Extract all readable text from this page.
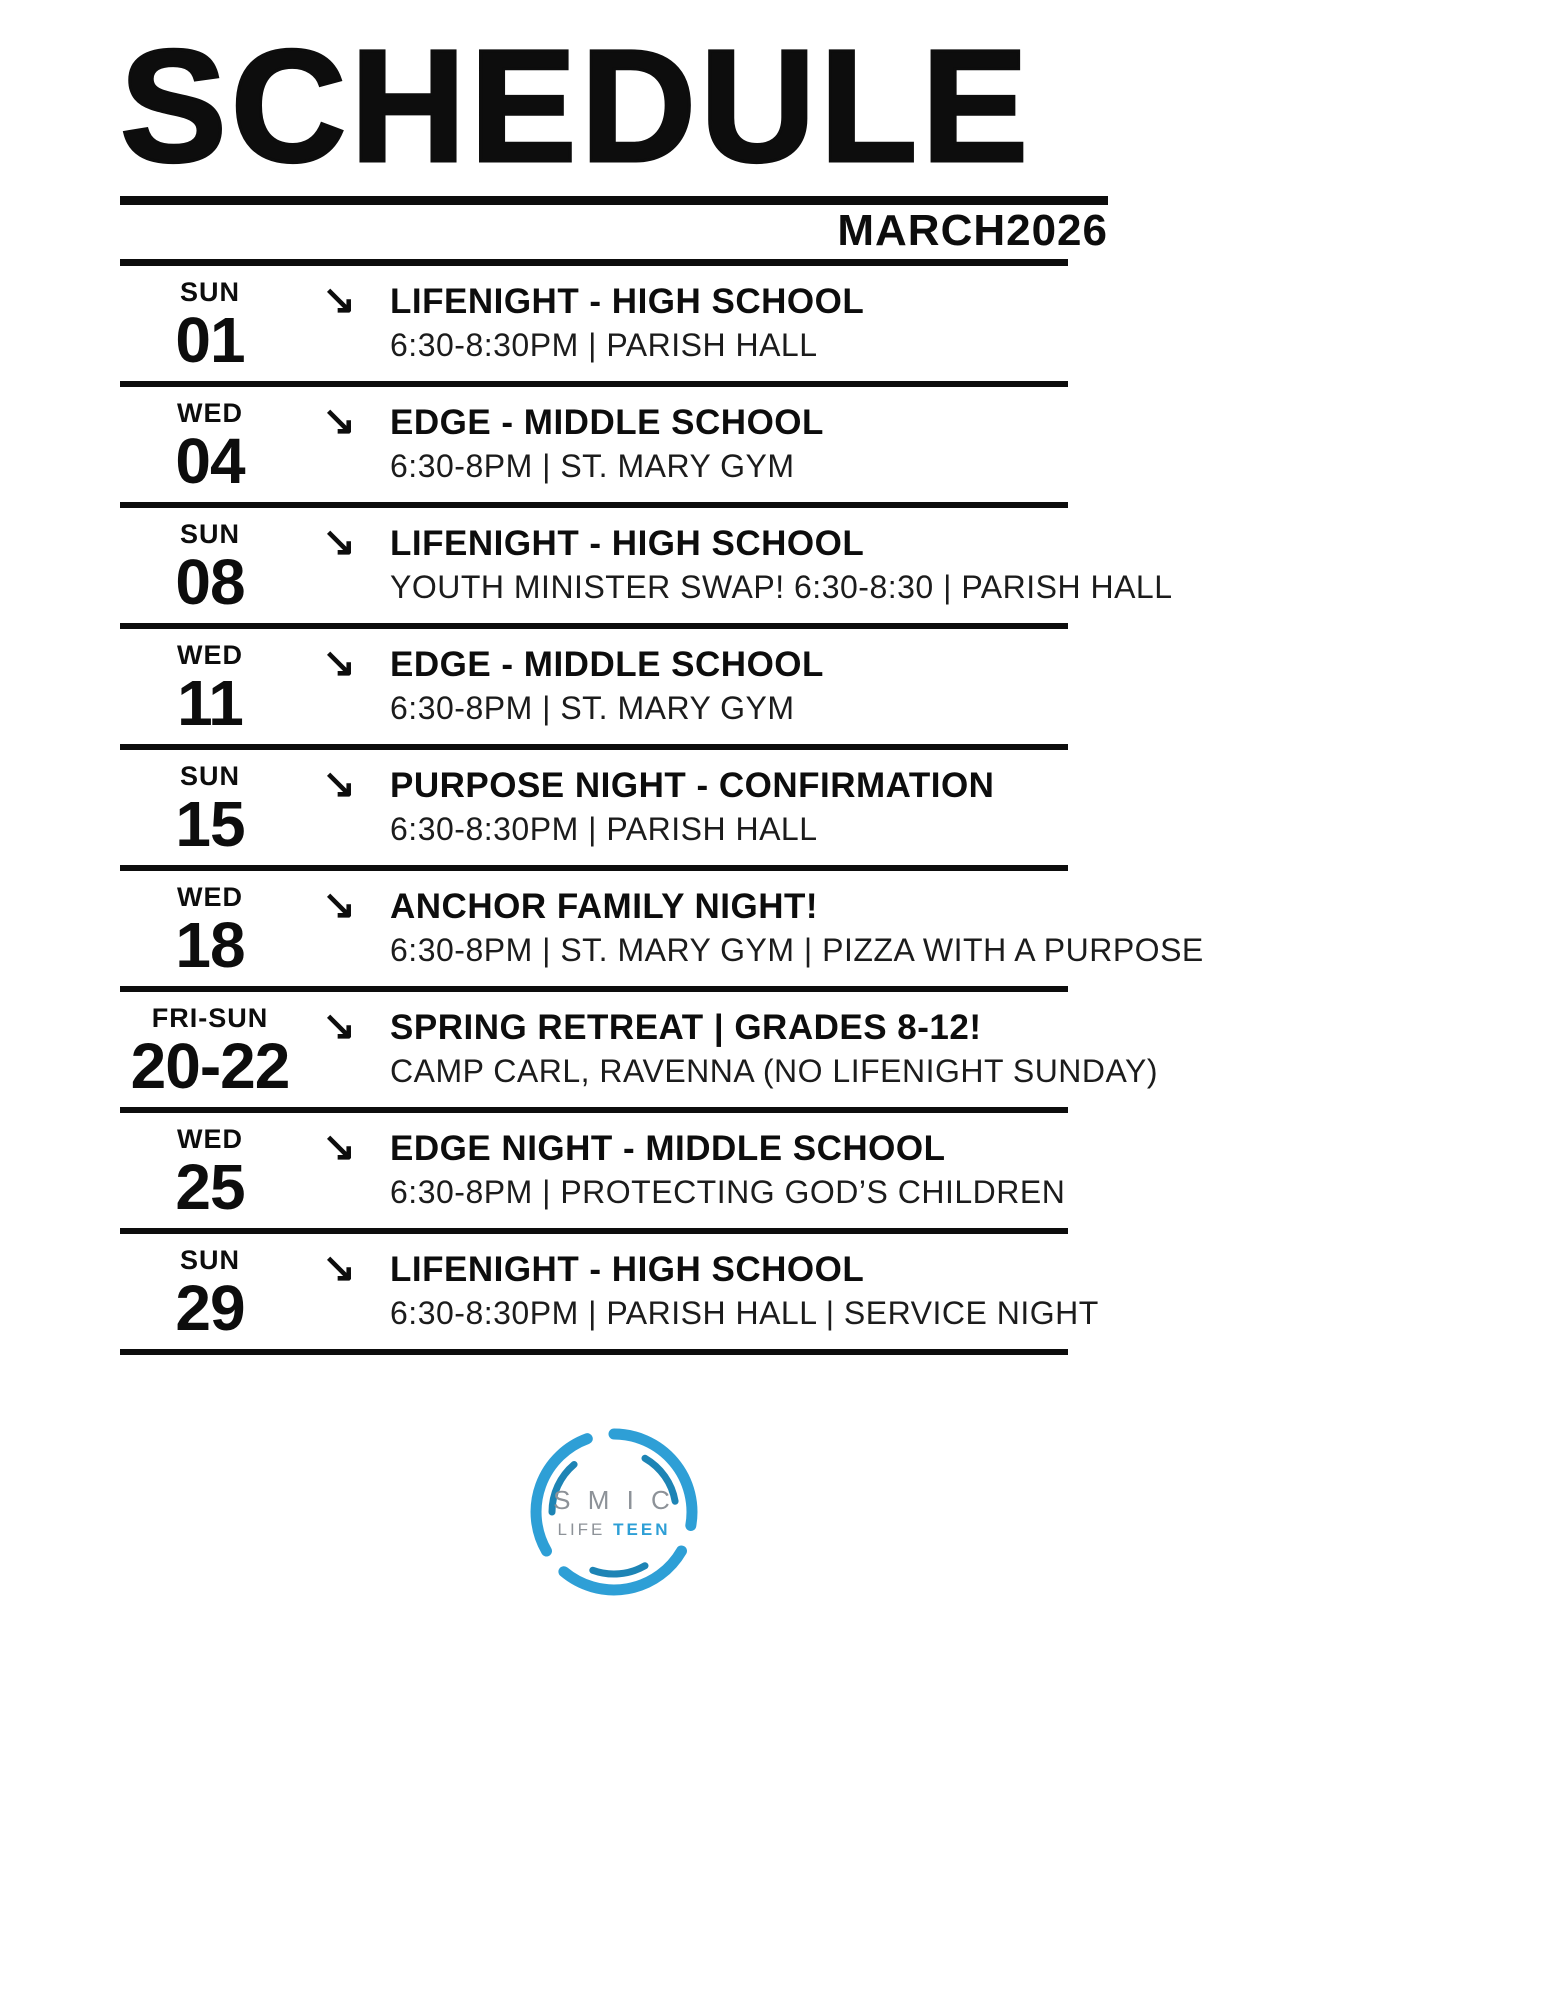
SCHEDULE
MARCH2026
SUN
01
↘ LIFENIGHT - HIGH SCHOOL
6:30-8:30PM | PARISH HALL
WED
04
↘ EDGE - MIDDLE SCHOOL
6:30-8PM | ST. MARY GYM
SUN
08
↘ LIFENIGHT - HIGH SCHOOL
YOUTH MINISTER SWAP! 6:30-8:30 | PARISH HALL
WED
11
↘ EDGE - MIDDLE SCHOOL
6:30-8PM | ST. MARY GYM
SUN
15
↘ PURPOSE NIGHT - CONFIRMATION
6:30-8:30PM | PARISH HALL
WED
18
↘ ANCHOR FAMILY NIGHT!
6:30-8PM | ST. MARY GYM | PIZZA WITH A PURPOSE
FRI-SUN
20-22
↘ SPRING RETREAT | GRADES 8-12!
CAMP CARL, RAVENNA (NO LIFENIGHT SUNDAY)
WED
25
↘ EDGE NIGHT - MIDDLE SCHOOL
6:30-8PM | PROTECTING GOD’S CHILDREN
SUN
29
↘ LIFENIGHT - HIGH SCHOOL
6:30-8:30PM | PARISH HALL | SERVICE NIGHT
S M I C
LIFE TEEN
